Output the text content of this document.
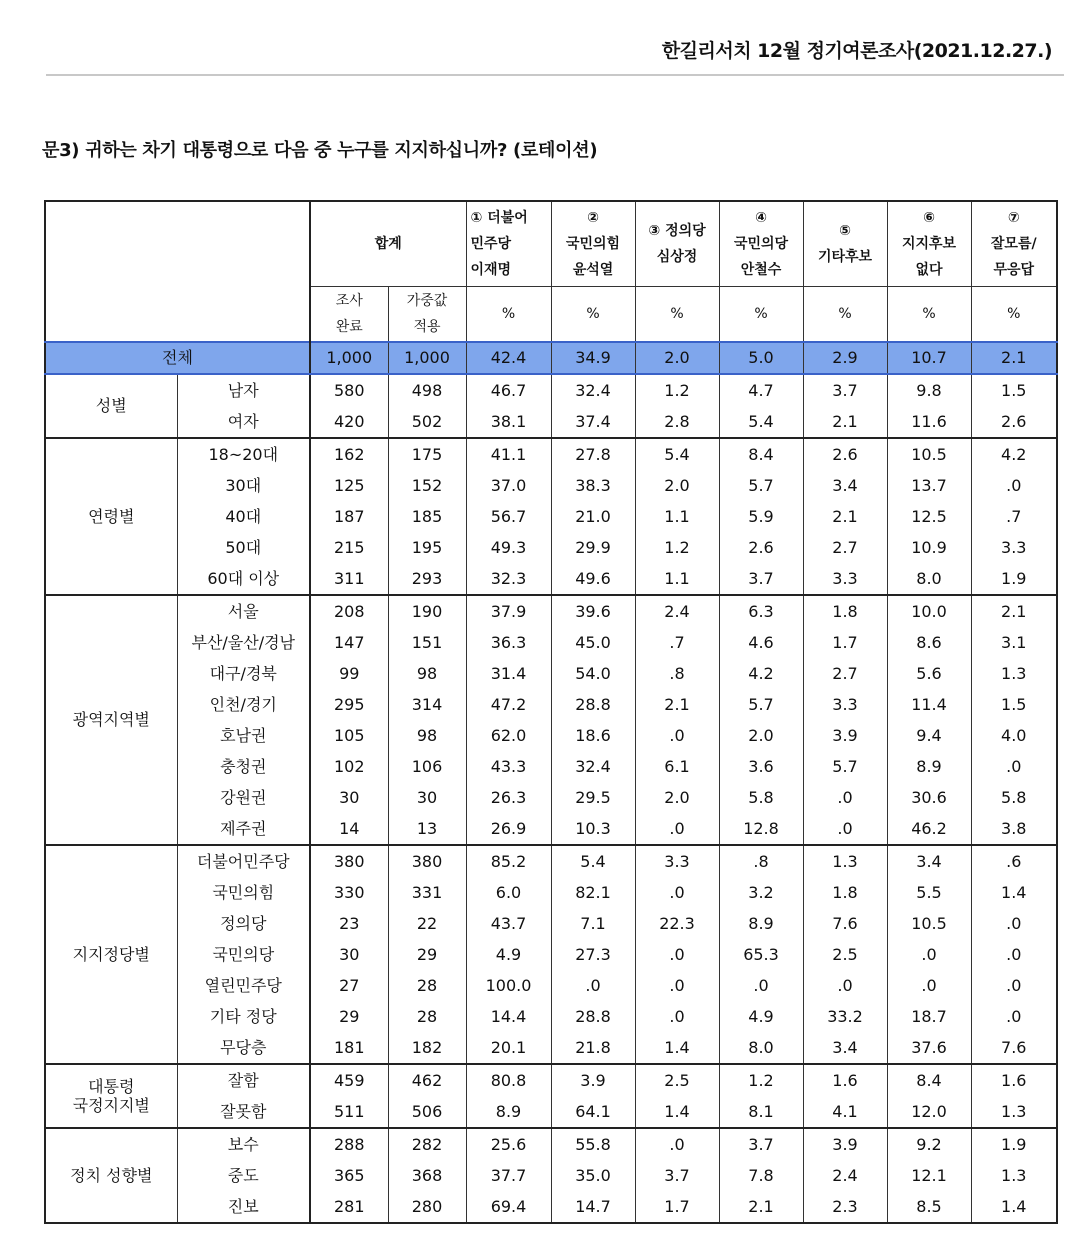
한길리서치 12월 정기여론조사(2021.12.27.)
문3) 귀하는 차기 대통령으로 다음 중 누구를 지지하십니까? (로테이션)
		합계		① 더불어
민주당
이재명	②
국민의힘
윤석열	③ 정의당
심상정	④
국민의당
안철수	⑤
기타후보	⑥
지지후보
없다	⑦
잘모름/
무응답
		조사
완료	가중값
적용	%	%	%	%	%	%	%
전체		1,000	1,000	42.4	34.9	2.0	5.0	2.9	10.7	2.1
성별	남자	580	498	46.7	32.4	1.2	4.7	3.7	9.8	1.5
	여자	420	502	38.1	37.4	2.8	5.4	2.1	11.6	2.6
연령별	18~20대	162	175	41.1	27.8	5.4	8.4	2.6	10.5	4.2
	30대	125	152	37.0	38.3	2.0	5.7	3.4	13.7	.0
	40대	187	185	56.7	21.0	1.1	5.9	2.1	12.5	.7
	50대	215	195	49.3	29.9	1.2	2.6	2.7	10.9	3.3
	60대 이상	311	293	32.3	49.6	1.1	3.7	3.3	8.0	1.9
광역지역별	서울	208	190	37.9	39.6	2.4	6.3	1.8	10.0	2.1
	부산/울산/경남	147	151	36.3	45.0	.7	4.6	1.7	8.6	3.1
	대구/경북	99	98	31.4	54.0	.8	4.2	2.7	5.6	1.3
	인천/경기	295	314	47.2	28.8	2.1	5.7	3.3	11.4	1.5
	호남권	105	98	62.0	18.6	.0	2.0	3.9	9.4	4.0
	충청권	102	106	43.3	32.4	6.1	3.6	5.7	8.9	.0
	강원권	30	30	26.3	29.5	2.0	5.8	.0	30.6	5.8
	제주권	14	13	26.9	10.3	.0	12.8	.0	46.2	3.8
지지정당별	더불어민주당	380	380	85.2	5.4	3.3	.8	1.3	3.4	.6
	국민의힘	330	331	6.0	82.1	.0	3.2	1.8	5.5	1.4
	정의당	23	22	43.7	7.1	22.3	8.9	7.6	10.5	.0
	국민의당	30	29	4.9	27.3	.0	65.3	2.5	.0	.0
	열린민주당	27	28	100.0	.0	.0	.0	.0	.0	.0
	기타 정당	29	28	14.4	28.8	.0	4.9	33.2	18.7	.0
	무당층	181	182	20.1	21.8	1.4	8.0	3.4	37.6	7.6
대통령
국정지지별	잘함	459	462	80.8	3.9	2.5	1.2	1.6	8.4	1.6
	잘못함	511	506	8.9	64.1	1.4	8.1	4.1	12.0	1.3
정치 성향별	보수	288	282	25.6	55.8	.0	3.7	3.9	9.2	1.9
	중도	365	368	37.7	35.0	3.7	7.8	2.4	12.1	1.3
	진보	281	280	69.4	14.7	1.7	2.1	2.3	8.5	1.4
